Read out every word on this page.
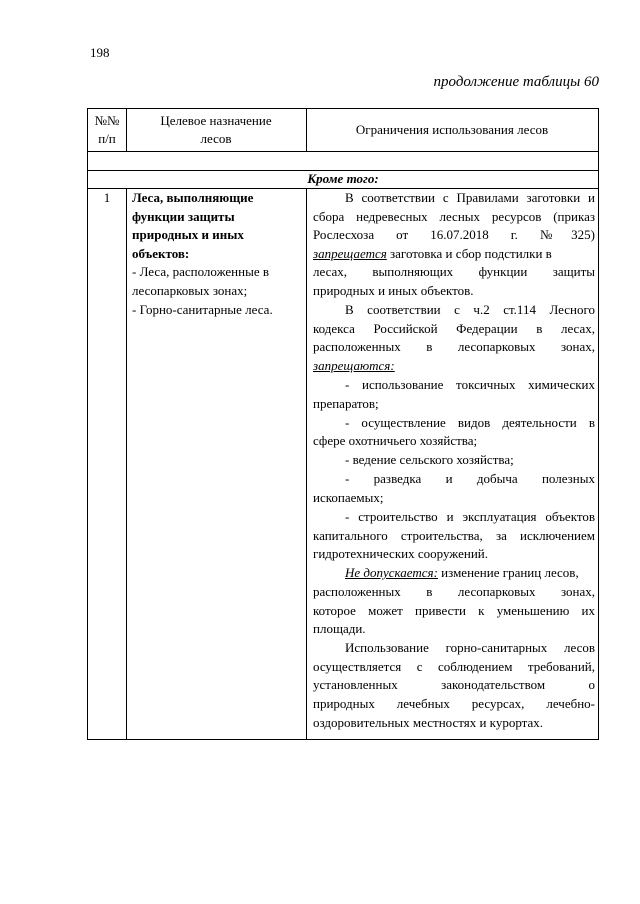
198
продолжение таблицы 60
№№
п/п
Целевое назначение
лесов
Ограничения использования лесов
Кроме того:
1	Леса, выполняющие
функции защиты
природных и иных
объектов:
- Леса, расположенные в
лесопарковых зонах;
- Горно-санитарные леса.
В соответствии с Правилами заготовки и
сбора недревесных лесных ресурсов (приказ
Рослесхоза от 16.07.2018 г. №325)
запрещается заготовка и сбор подстилки в
лесах, выполняющих функции защиты
природных и иных объектов.
В соответствии с ч.2 ст.114 Лесного
кодекса Российской Федерации в лесах,
расположенных в лесопарковых зонах,
запрещаются:
- использование токсичных химических
препаратов;
- осуществление видов деятельности в
сфере охотничьего хозяйства;
- ведение сельского хозяйства;
- разведка и добыча полезных
ископаемых;
- строительство и эксплуатация объектов
капитального строительства, за исключением
гидротехнических сооружений.
Не допускается: изменение границ лесов,
расположенных в лесопарковых зонах,
которое может привести к уменьшению их
площади.
Использование горно-санитарных лесов
осуществляется с соблюдением требований,
установленных законодательством о
природных лечебных ресурсах, лечебно-
оздоровительных местностях и курортах.
